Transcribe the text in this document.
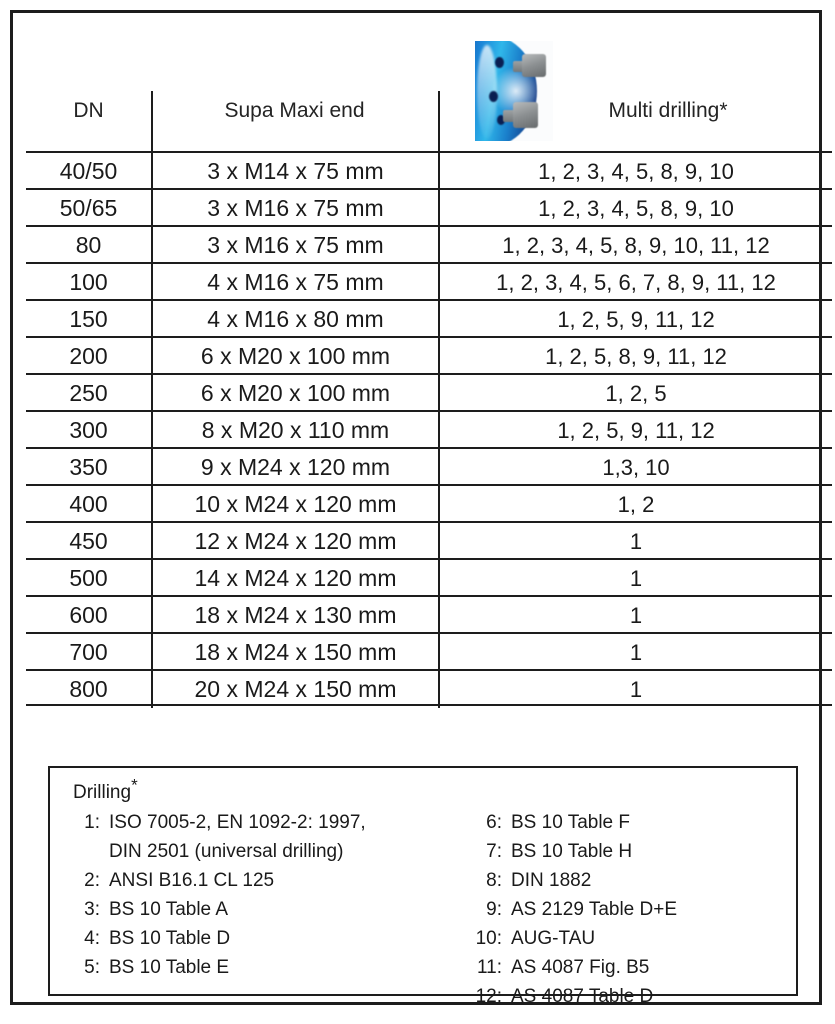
DN	Supa Maxi end	Multi drilling*
40/50	3 x M14 x 75 mm	1, 2, 3, 4, 5, 8, 9, 10
50/65	3 x M16 x 75 mm	1, 2, 3, 4, 5, 8, 9, 10
80	3 x M16 x 75 mm	1, 2, 3, 4, 5, 8, 9, 10, 11, 12
100	4 x M16 x 75 mm	1, 2, 3, 4, 5, 6, 7, 8, 9, 11, 12
150	4 x M16 x 80 mm	1, 2, 5, 9, 11, 12
200	6 x M20 x 100 mm	1, 2, 5, 8, 9, 11, 12
250	6 x M20 x 100 mm	1, 2, 5
300	8 x M20 x 110 mm	1, 2, 5, 9, 11, 12
350	9 x M24 x 120 mm	1,3, 10
400	10 x M24 x 120 mm	1, 2
450	12 x M24 x 120 mm	1
500	14 x M24 x 120 mm	1
600	18 x M24 x 130 mm	1
700	18 x M24 x 150 mm	1
800	20 x M24 x 150 mm	1
Drilling*
1: ISO 7005-2, EN 1092-2: 1997,
DIN 2501 (universal drilling)
2: ANSI B16.1 CL 125
3: BS 10 Table A
4: BS 10 Table D
5: BS 10 Table E
6: BS 10 Table F
7: BS 10 Table H
8: DIN 1882
9: AS 2129 Table D+E
10: AUG-TAU
11: AS 4087 Fig. B5
12: AS 4087 Table D
